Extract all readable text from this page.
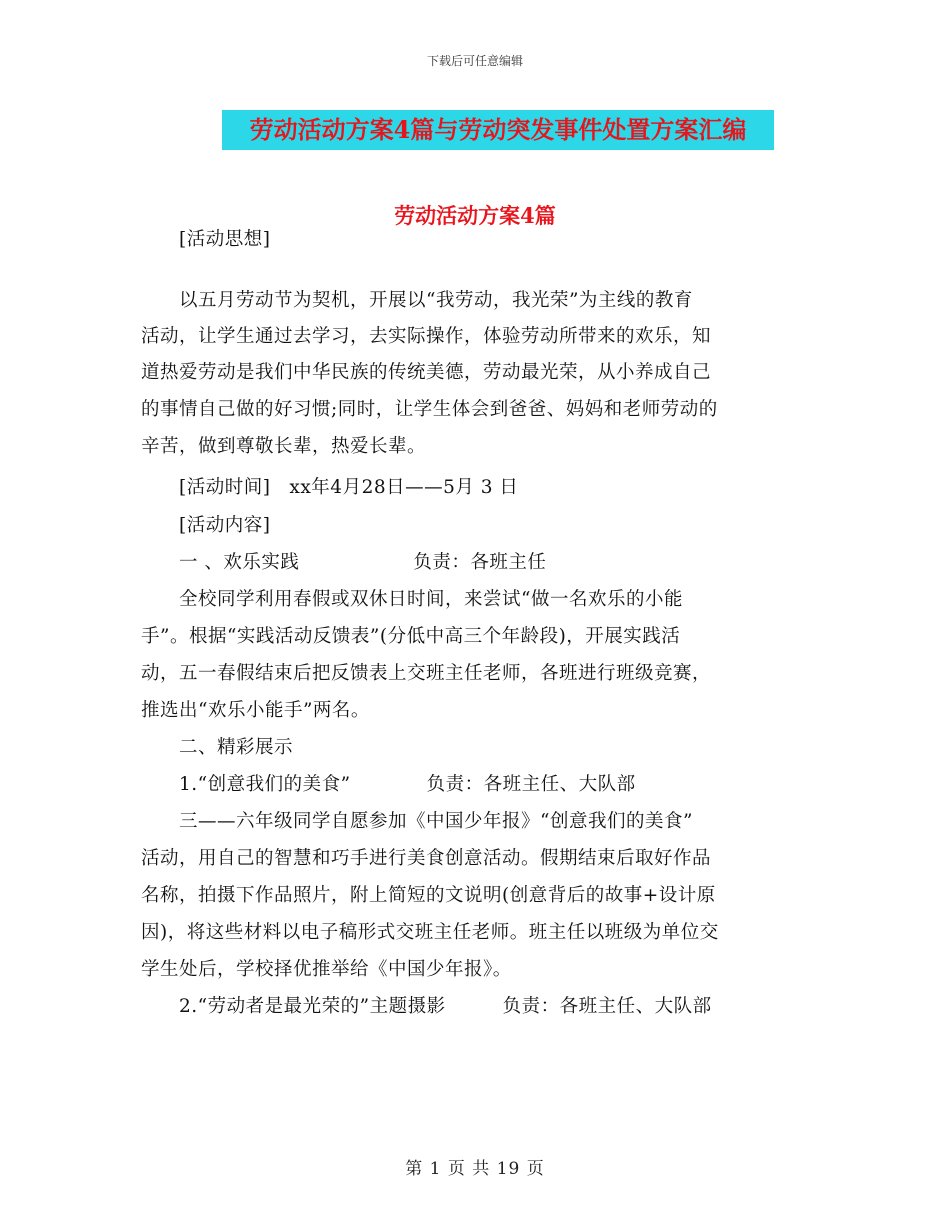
下载后可任意编辑
劳动活动方案4篇与劳动突发事件处置方案汇编
劳动活动方案4篇
　　[活动思想]
　　以五月劳动节为契机，开展以“我劳动，我光荣”为主线的教育
活动，让学生通过去学习，去实际操作，体验劳动所带来的欢乐，知
道热爱劳动是我们中华民族的传统美德，劳动最光荣，从小养成自己
的事情自己做的好习惯;同时，让学生体会到爸爸、妈妈和老师劳动的
辛苦，做到尊敬长辈，热爱长辈。
　　[活动时间]　xx年4月28日——5月 3 日
　　[活动内容]
　　一 、欢乐实践　　　　　　负责：各班主任
　　全校同学利用春假或双休日时间，来尝试“做一名欢乐的小能
手”。根据“实践活动反馈表”(分低中高三个年龄段)，开展实践活
动，五一春假结束后把反馈表上交班主任老师，各班进行班级竞赛，
推选出“欢乐小能手”两名。
　　二、精彩展示
　　1.“创意我们的美食”　　　　负责：各班主任、大队部
　　三——六年级同学自愿参加《中国少年报》“创意我们的美食”
活动，用自己的智慧和巧手进行美食创意活动。假期结束后取好作品
名称，拍摄下作品照片，附上简短的文说明(创意背后的故事+设计原
因)，将这些材料以电子稿形式交班主任老师。班主任以班级为单位交
学生处后，学校择优推举给《中国少年报》。
　　2.“劳动者是最光荣的”主题摄影　　　负责：各班主任、大队部
第 1 页 共 19 页
